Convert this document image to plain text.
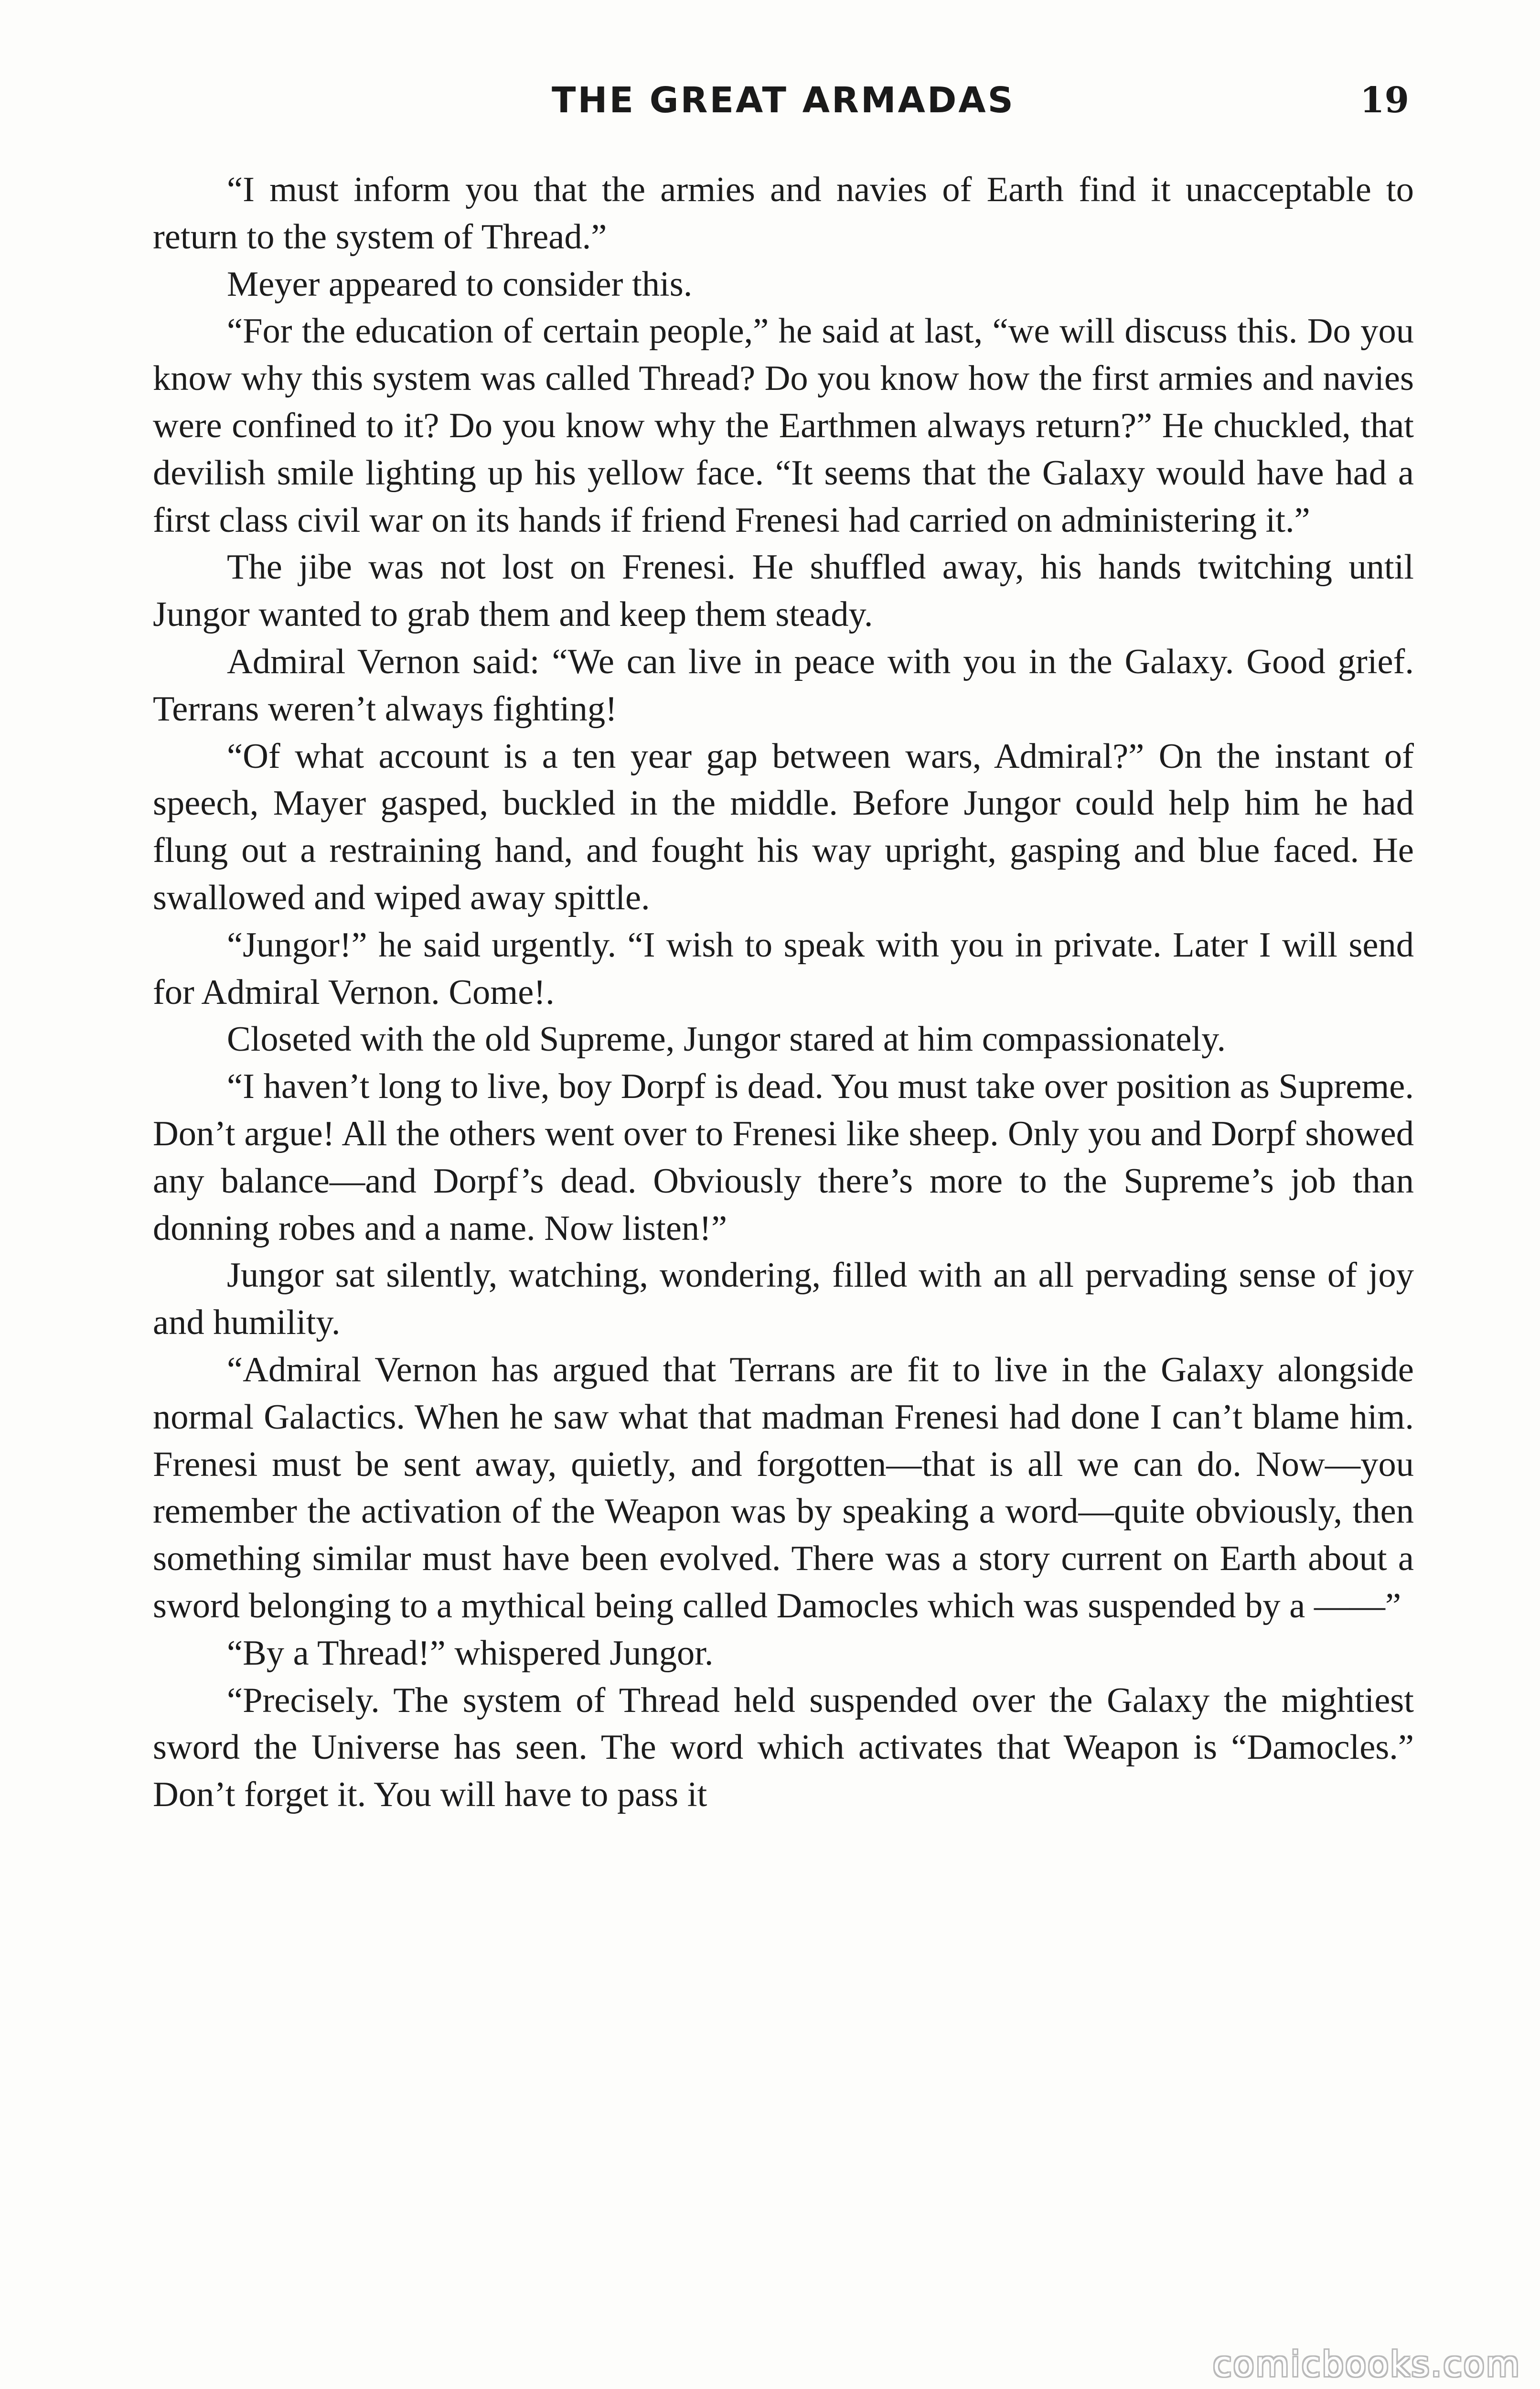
THE GREAT ARMADAS	19

“I must inform you that the armies and navies of Earth find it unacceptable to return to the system of Thread.”

Meyer appeared to consider this.

“For the education of certain people,” he said at last, “we will discuss this. Do you know why this system was called Thread? Do you know how the first armies and navies were confined to it? Do you know why the Earthmen always return?” He chuckled, that devilish smile lighting up his yellow face. “It seems that the Galaxy would have had a first class civil war on its hands if friend Frenesi had carried on administering it.”

The jibe was not lost on Frenesi. He shuffled away, his hands twitching until Jungor wanted to grab them and keep them steady.

Admiral Vernon said: “We can live in peace with you in the Galaxy. Good grief. Terrans weren’t always fighting!

“Of what account is a ten year gap between wars, Admiral?” On the instant of speech, Mayer gasped, buckled in the middle. Before Jungor could help him he had flung out a restraining hand, and fought his way upright, gasping and blue faced. He swallowed and wiped away spittle.

“Jungor!” he said urgently. “I wish to speak with you in private. Later I will send for Admiral Vernon. Come!.

Closeted with the old Supreme, Jungor stared at him compassionately.

“I haven’t long to live, boy Dorpf is dead. You must take over position as Supreme. Don’t argue! All the others went over to Frenesi like sheep. Only you and Dorpf showed any balance—and Dorpf’s dead. Obviously there’s more to the Supreme’s job than donning robes and a name. Now listen!”

Jungor sat silently, watching, wondering, filled with an all pervading sense of joy and humility.

“Admiral Vernon has argued that Terrans are fit to live in the Galaxy alongside normal Galactics. When he saw what that madman Frenesi had done I can’t blame him. Frenesi must be sent away, quietly, and forgotten—that is all we can do. Now—you remember the activation of the Weapon was by speaking a word—quite obviously, then something similar must have been evolved. There was a story current on Earth about a sword belonging to a mythical being called Damocles which was suspended by a ——”

“By a Thread!” whispered Jungor.

“Precisely. The system of Thread held suspended over the Galaxy the mightiest sword the Universe has seen. The word which activates that Weapon is “Damocles.” Don’t forget it. You will have to pass it

comicbooks.com
